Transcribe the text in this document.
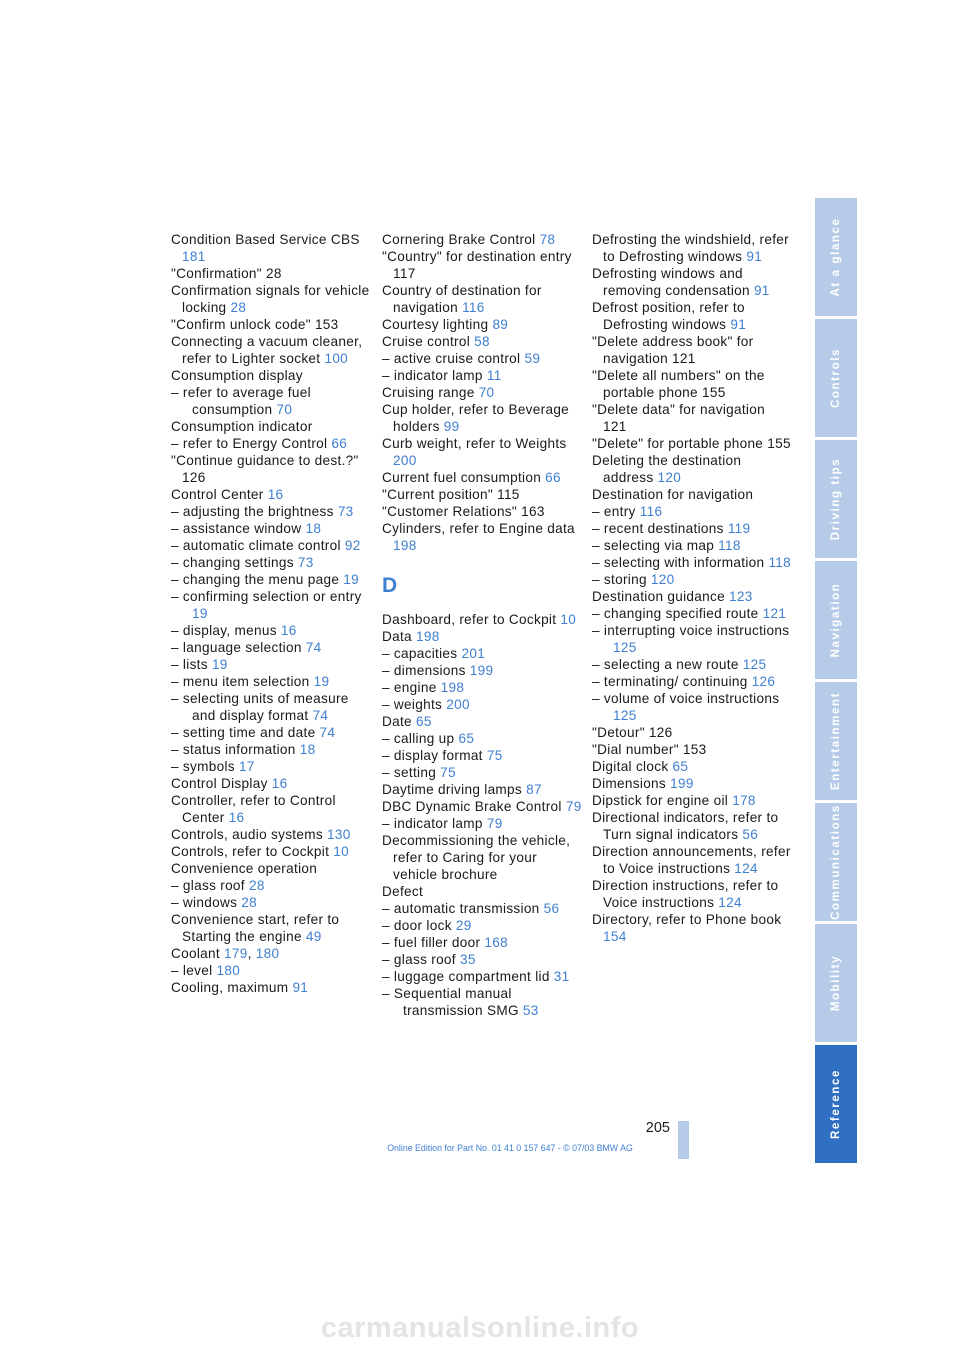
Condition Based Service CBS 181

"Confirmation" 28

Confirmation signals for vehicle locking 28

"Confirm unlock code" 153

Connecting a vacuum cleaner, refer to Lighter socket 100

Consumption display

– refer to average fuel consumption 70

Consumption indicator

– refer to Energy Control 66

"Continue guidance to dest.?" 126

Control Center 16

– adjusting the brightness 73

– assistance window 18

– automatic climate control 92

– changing settings 73

– changing the menu page 19

– confirming selection or entry 19

– display, menus 16

– language selection 74

– lists 19

– menu item selection 19

– selecting units of measure and display format 74

– setting time and date 74

– status information 18

– symbols 17

Control Display 16

Controller, refer to Control Center 16

Controls, audio systems 130

Controls, refer to Cockpit 10

Convenience operation

– glass roof 28

– windows 28

Convenience start, refer to Starting the engine 49

Coolant 179, 180

– level 180

Cooling, maximum 91

Cornering Brake Control 78

"Country" for destination entry 117

Country of destination for navigation 116

Courtesy lighting 89

Cruise control 58

– active cruise control 59

– indicator lamp 11

Cruising range 70

Cup holder, refer to Beverage holders 99

Curb weight, refer to Weights 200

Current fuel consumption 66

"Current position" 115

"Customer Relations" 163

Cylinders, refer to Engine data 198

D

Dashboard, refer to Cockpit 10

Data 198

– capacities 201

– dimensions 199

– engine 198

– weights 200

Date 65

– calling up 65

– display format 75

– setting 75

Daytime driving lamps 87

DBC Dynamic Brake Control 79

– indicator lamp 79

Decommissioning the vehicle, refer to Caring for your vehicle brochure

Defect

– automatic transmission 56

– door lock 29

– fuel filler door 168

– glass roof 35

– luggage compartment lid 31

– Sequential manual transmission SMG 53

Defrosting the windshield, refer to Defrosting windows 91

Defrosting windows and removing condensation 91

Defrost position, refer to Defrosting windows 91

"Delete address book" for navigation 121

"Delete all numbers" on the portable phone 155

"Delete data" for navigation 121

"Delete" for portable phone 155

Deleting the destination address 120

Destination for navigation

– entry 116

– recent destinations 119

– selecting via map 118

– selecting with information 118

– storing 120

Destination guidance 123

– changing specified route 121

– interrupting voice instructions 125

– selecting a new route 125

– terminating/ continuing 126

– volume of voice instructions 125

"Detour" 126

"Dial number" 153

Digital clock 65

Dimensions 199

Dipstick for engine oil 178

Directional indicators, refer to Turn signal indicators 56

Direction announcements, refer to Voice instructions 124

Direction instructions, refer to Voice instructions 124

Directory, refer to Phone book 154

At a glance
Controls
Driving tips
Navigation
Entertainment
Communications
Mobility
Reference
205
Online Edition for Part No. 01 41 0 157 647 - © 07/03 BMW AG
carmanualsonline.info
